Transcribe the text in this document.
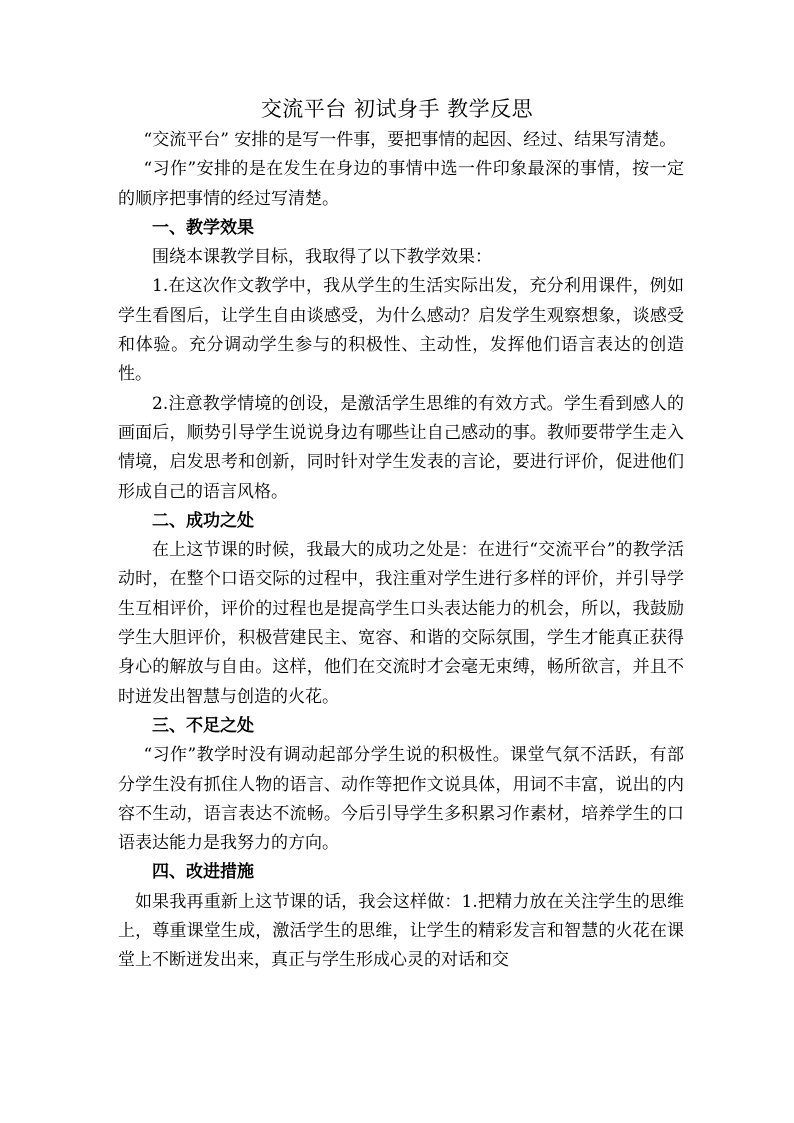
交流平台 初试身手 教学反思

“交流平台” 安排的是写一件事，要把事情的起因、经过、结果写清楚。

“习作”安排的是在发生在身边的事情中选一件印象最深的事情，按一定的顺序把事情的经过写清楚。

一、教学效果

围绕本课教学目标，我取得了以下教学效果：

1.在这次作文教学中，我从学生的生活实际出发，充分利用课件，例如学生看图后，让学生自由谈感受，为什么感动？启发学生观察想象，谈感受和体验。充分调动学生参与的积极性、主动性，发挥他们语言表达的创造性。

2.注意教学情境的创设，是激活学生思维的有效方式。学生看到感人的画面后，顺势引导学生说说身边有哪些让自己感动的事。教师要带学生走入情境，启发思考和创新，同时针对学生发表的言论，要进行评价，促进他们形成自己的语言风格。

二、成功之处

在上这节课的时候，我最大的成功之处是：在进行“交流平台”的教学活动时，在整个口语交际的过程中，我注重对学生进行多样的评价，并引导学生互相评价，评价的过程也是提高学生口头表达能力的机会，所以，我鼓励学生大胆评价，积极营建民主、宽容、和谐的交际氛围，学生才能真正获得身心的解放与自由。这样，他们在交流时才会毫无束缚，畅所欲言，并且不时迸发出智慧与创造的火花。

三、不足之处

“习作”教学时没有调动起部分学生说的积极性。课堂气氛不活跃，有部分学生没有抓住人物的语言、动作等把作文说具体，用词不丰富，说出的内容不生动，语言表达不流畅。今后引导学生多积累习作素材，培养学生的口语表达能力是我努力的方向。

四、改进措施

如果我再重新上这节课的话，我会这样做：1.把精力放在关注学生的思维上，尊重课堂生成，激活学生的思维，让学生的精彩发言和智慧的火花在课堂上不断迸发出来，真正与学生形成心灵的对话和交
